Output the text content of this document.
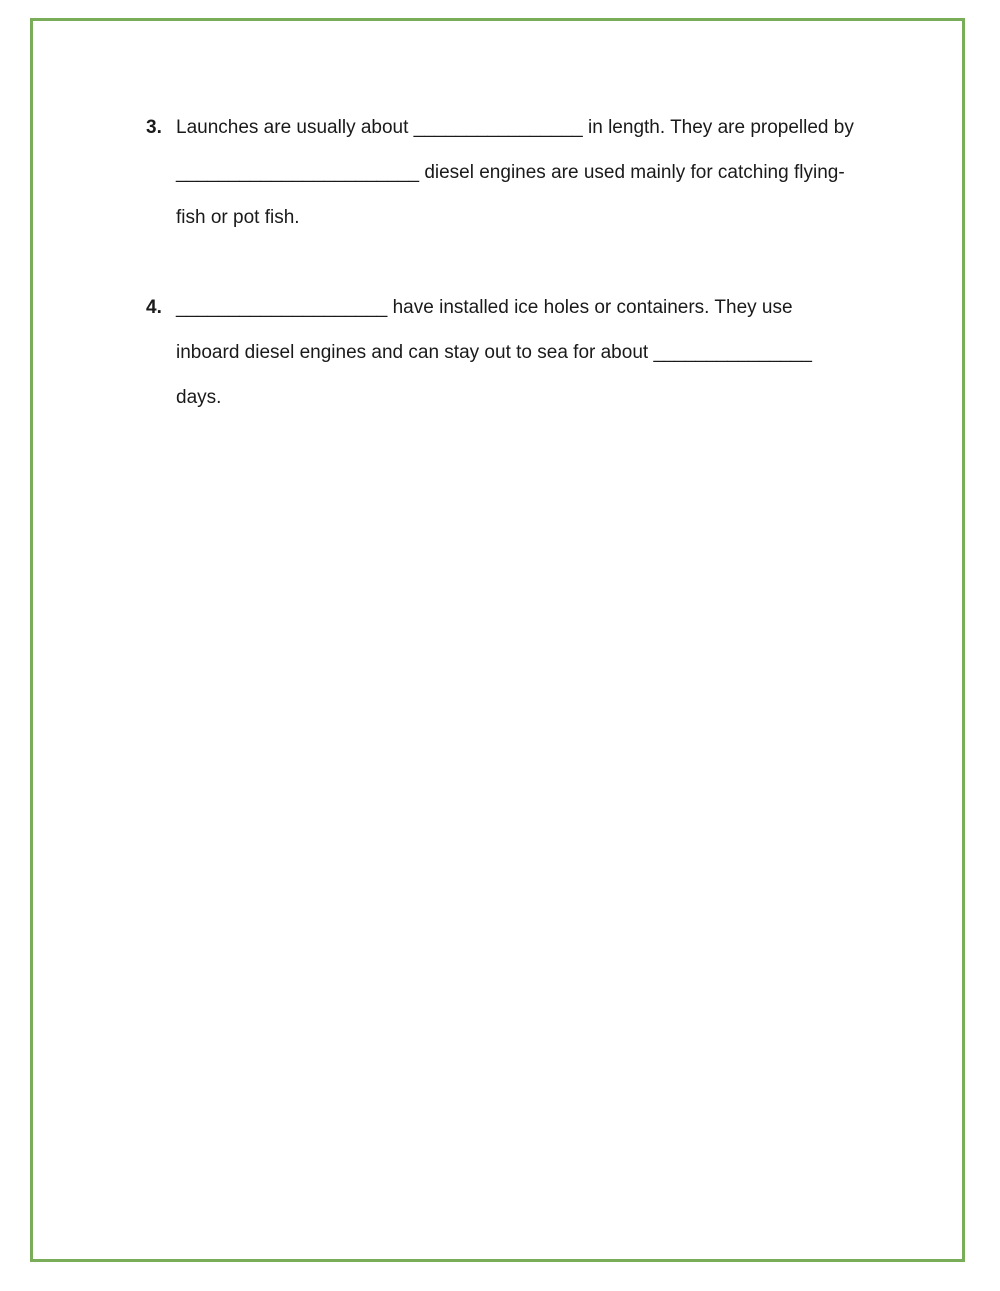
3. Launches are usually about ________________ in length. They are propelled by
_______________________ diesel engines are used mainly for catching flying-
fish or pot fish.
4. ____________________ have installed ice holes or containers. They use
inboard diesel engines and can stay out to sea for about _______________
days.
